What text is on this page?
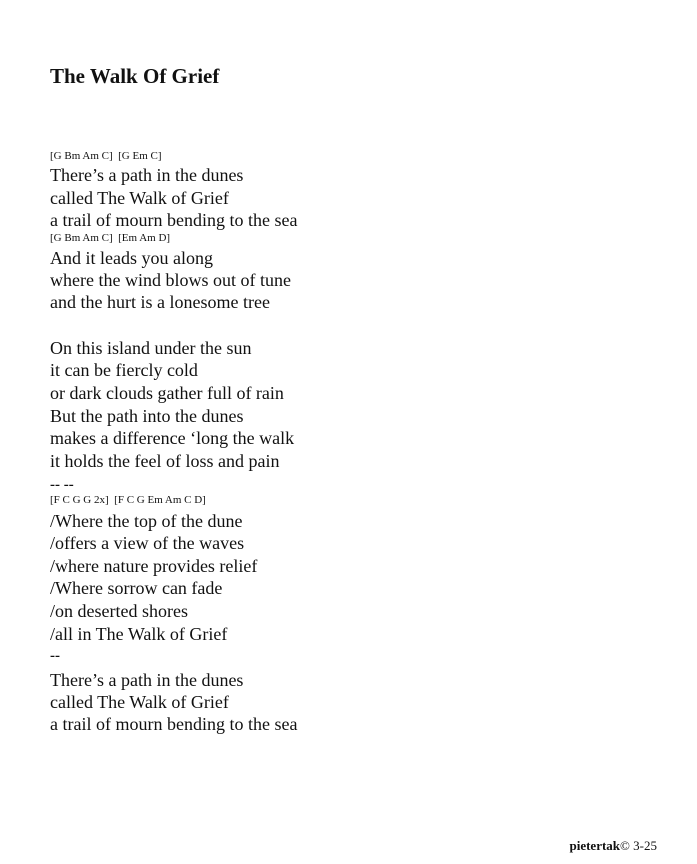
The Walk Of Grief
[G Bm Am C]  [G Em C]
There’s a path in the dunes
called The Walk of Grief
a trail of mourn bending to the sea
[G Bm Am C]  [Em Am D]
And it leads you along
where the wind blows out of tune
and the hurt is a lonesome tree
On this island under the sun
it can be fiercly cold
or dark clouds gather full of rain
But the path into the dunes
makes a difference ‘long the walk
it holds the feel of loss and pain
-- --
[F C G G 2x]  [F C G Em Am C D]
/Where the top of the dune
/offers a view of the waves
/where nature provides relief
/Where sorrow can fade
/on deserted shores
/all in The Walk of Grief
--
There’s a path in the dunes
called The Walk of Grief
a trail of mourn bending to the sea
pietertak© 3-25
